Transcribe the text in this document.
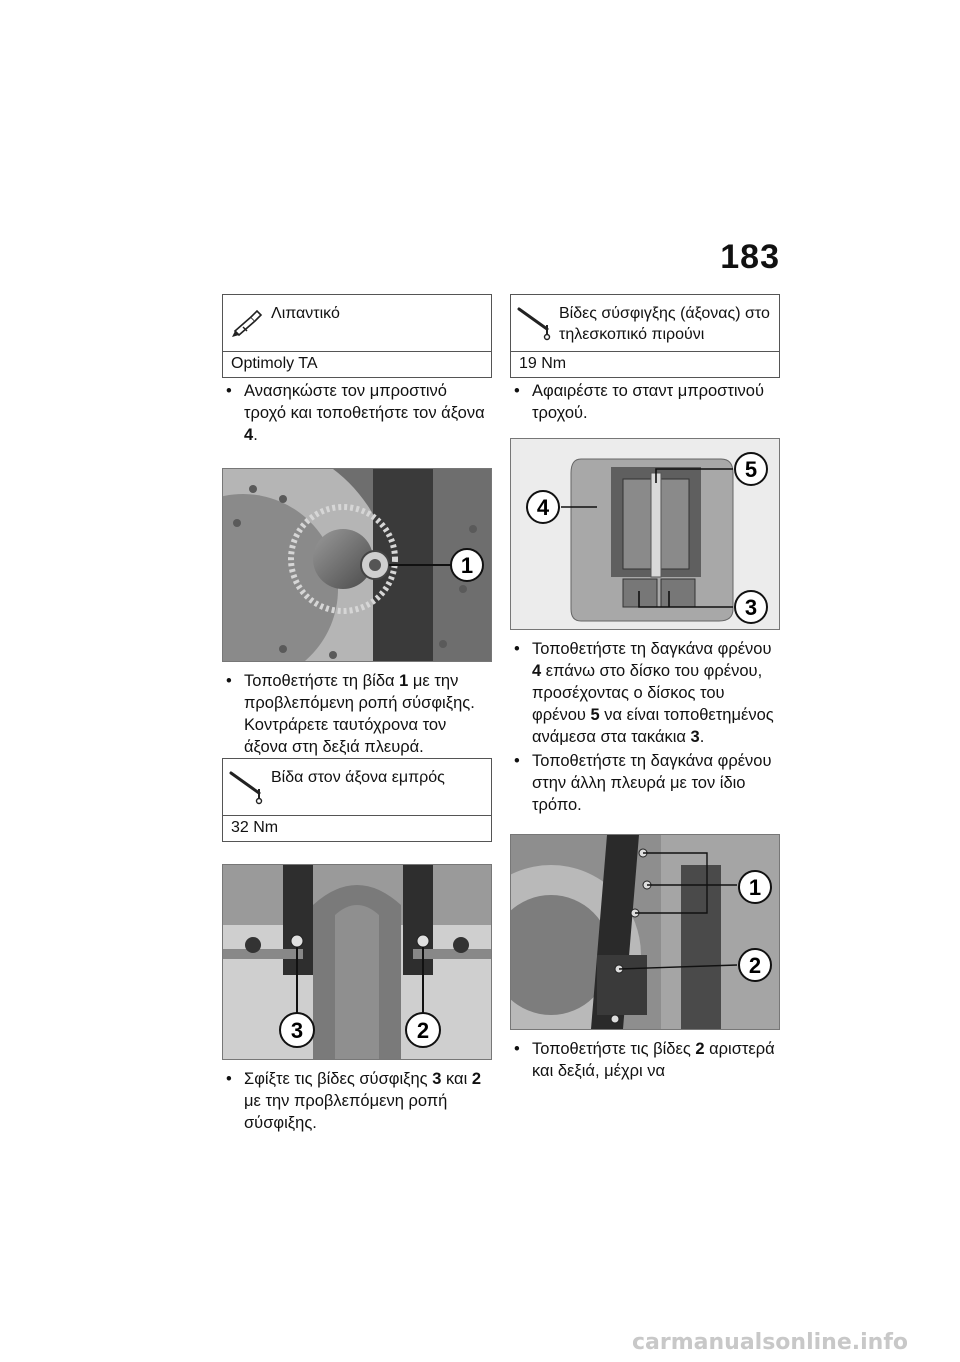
183
Λιπαντικό
Optimoly TA
• Ανασηκώστε τον μπροστινό τροχό και τοποθετήστε τον άξονα 4.
1
• Τοποθετήστε τη βίδα 1 με την προβλεπόμενη ροπή σύσφιξης. Κοντράρετε ταυτόχρονα τον άξονα στη δεξιά πλευρά.
Βίδα στον άξονα εμπρός
32 Nm
3	2
• Σφίξτε τις βίδες σύσφιξης 3 και 2 με την προβλεπόμενη ροπή σύσφιξης.
Βίδες σύσφιγξης (άξονας) στο τηλεσκοπικό πιρούνι
19 Nm
• Αφαιρέστε το σταντ μπροστινού τροχού.
5
4
3
• Τοποθετήστε τη δαγκάνα φρένου 4 επάνω στο δίσκο του φρένου, προσέχοντας ο δίσκος του φρένου 5 να είναι τοποθετημένος ανάμεσα στα τακάκια 3.
• Τοποθετήστε τη δαγκάνα φρένου στην άλλη πλευρά με τον ίδιο τρόπο.
1
2
• Τοποθετήστε τις βίδες 2 αριστερά και δεξιά, μέχρι να
carmanualsonline.info
